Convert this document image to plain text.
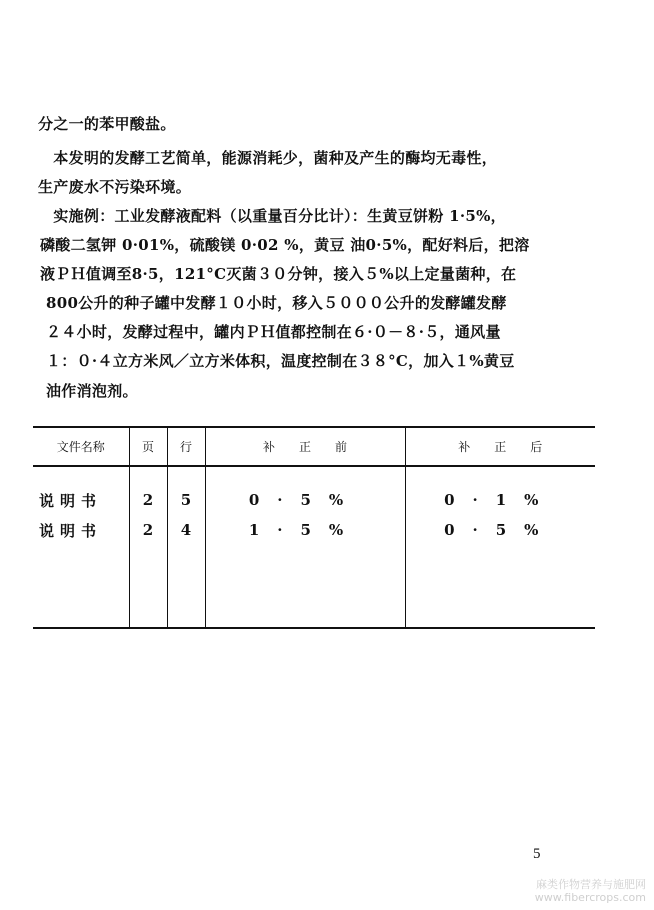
分之一的苯甲酸盐。
　本发明的发酵工艺简单，能源消耗少，菌种及产生的酶均无毒性，
生产废水不污染环境。
　实施例：工业发酵液配料（以重量百分比计）：生黄豆饼粉 1·5%，
磷酸二氢钾 0·01%，硫酸镁 0·02 %，黄豆 油0·5%，配好料后，把溶
液ＰＨ值调至8·5，121°C灭菌３０分钟，接入５%以上定量菌种，在
800公升的种子罐中发酵１０小时，移入５０００公升的发酵罐发酵
２４小时，发酵过程中，罐内ＰＨ值都控制在６·０－８·５，通风量
１：０·４立方米风／立方米体积，温度控制在３８°C，加入１%黄豆
油作消泡剂。
文件名称	页	行	补　　正　　前	补　　正　　后
说明书	2	5	0·5%	0·1%
说明书	2	4	1·5%	0·5%

5
麻类作物营养与施肥网
www.fibercrops.com
